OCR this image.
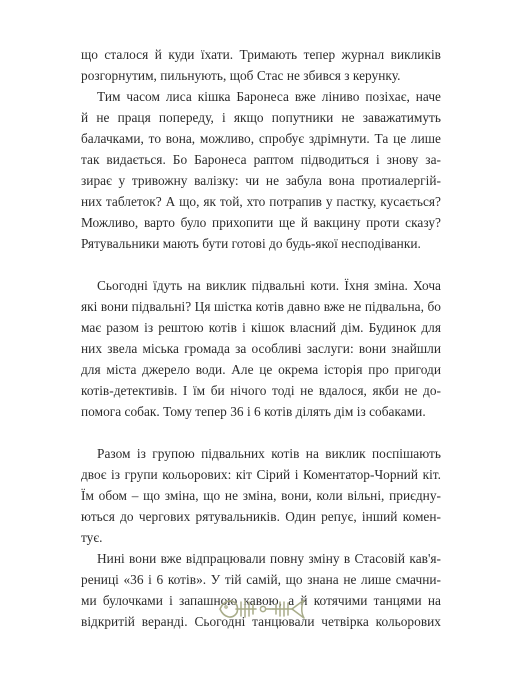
що сталося й куди їхати. Тримають тепер журнал викликів
розгорнутим, пильнують, щоб Стас не збився з керунку.

Тим часом лиса кішка Баронеса вже ліниво позіхає, наче
й не праця попереду, і якщо попутники не заважатимуть
балачками, то вона, можливо, спробує здрімнути. Та це лише
так видається. Бо Баронеса раптом підводиться і знову за-
зирає у тривожну валізку: чи не забула вона протиалергій-
них таблеток? А що, як той, хто потрапив у пастку, кусається?
Можливо, варто було прихопити ще й вакцину проти сказу?
Рятувальники мають бути готові до будь-якої несподіванки.

Сьогодні їдуть на виклик підвальні коти. Їхня зміна. Хоча
які вони підвальні? Ця шістка котів давно вже не підвальна, бо
має разом із рештою котів і кішок власний дім. Будинок для
них звела міська громада за особливі заслуги: вони знайшли
для міста джерело води. Але це окрема історія про пригоди
котів-детективів. І їм би нічого тоді не вдалося, якби не до-
помога собак. Тому тепер 36 і 6 котів ділять дім із собаками.

Разом із групою підвальних котів на виклик поспішають
двоє із групи кольорових: кіт Сірий і Коментатор-Чорний кіт.
Їм обом – що зміна, що не зміна, вони, коли вільні, приєдну-
ються до чергових рятувальників. Один репує, інший комен-
тує.

Нині вони вже відпрацювали повну зміну в Стасовій кав'я-
рениці «36 і 6 котів». У тій самій, що знана не лише смачни-
ми булочками і запашною кавою, а й котячими танцями на
відкритій веранді. Сьогодні танцювали четвірка кольорових
